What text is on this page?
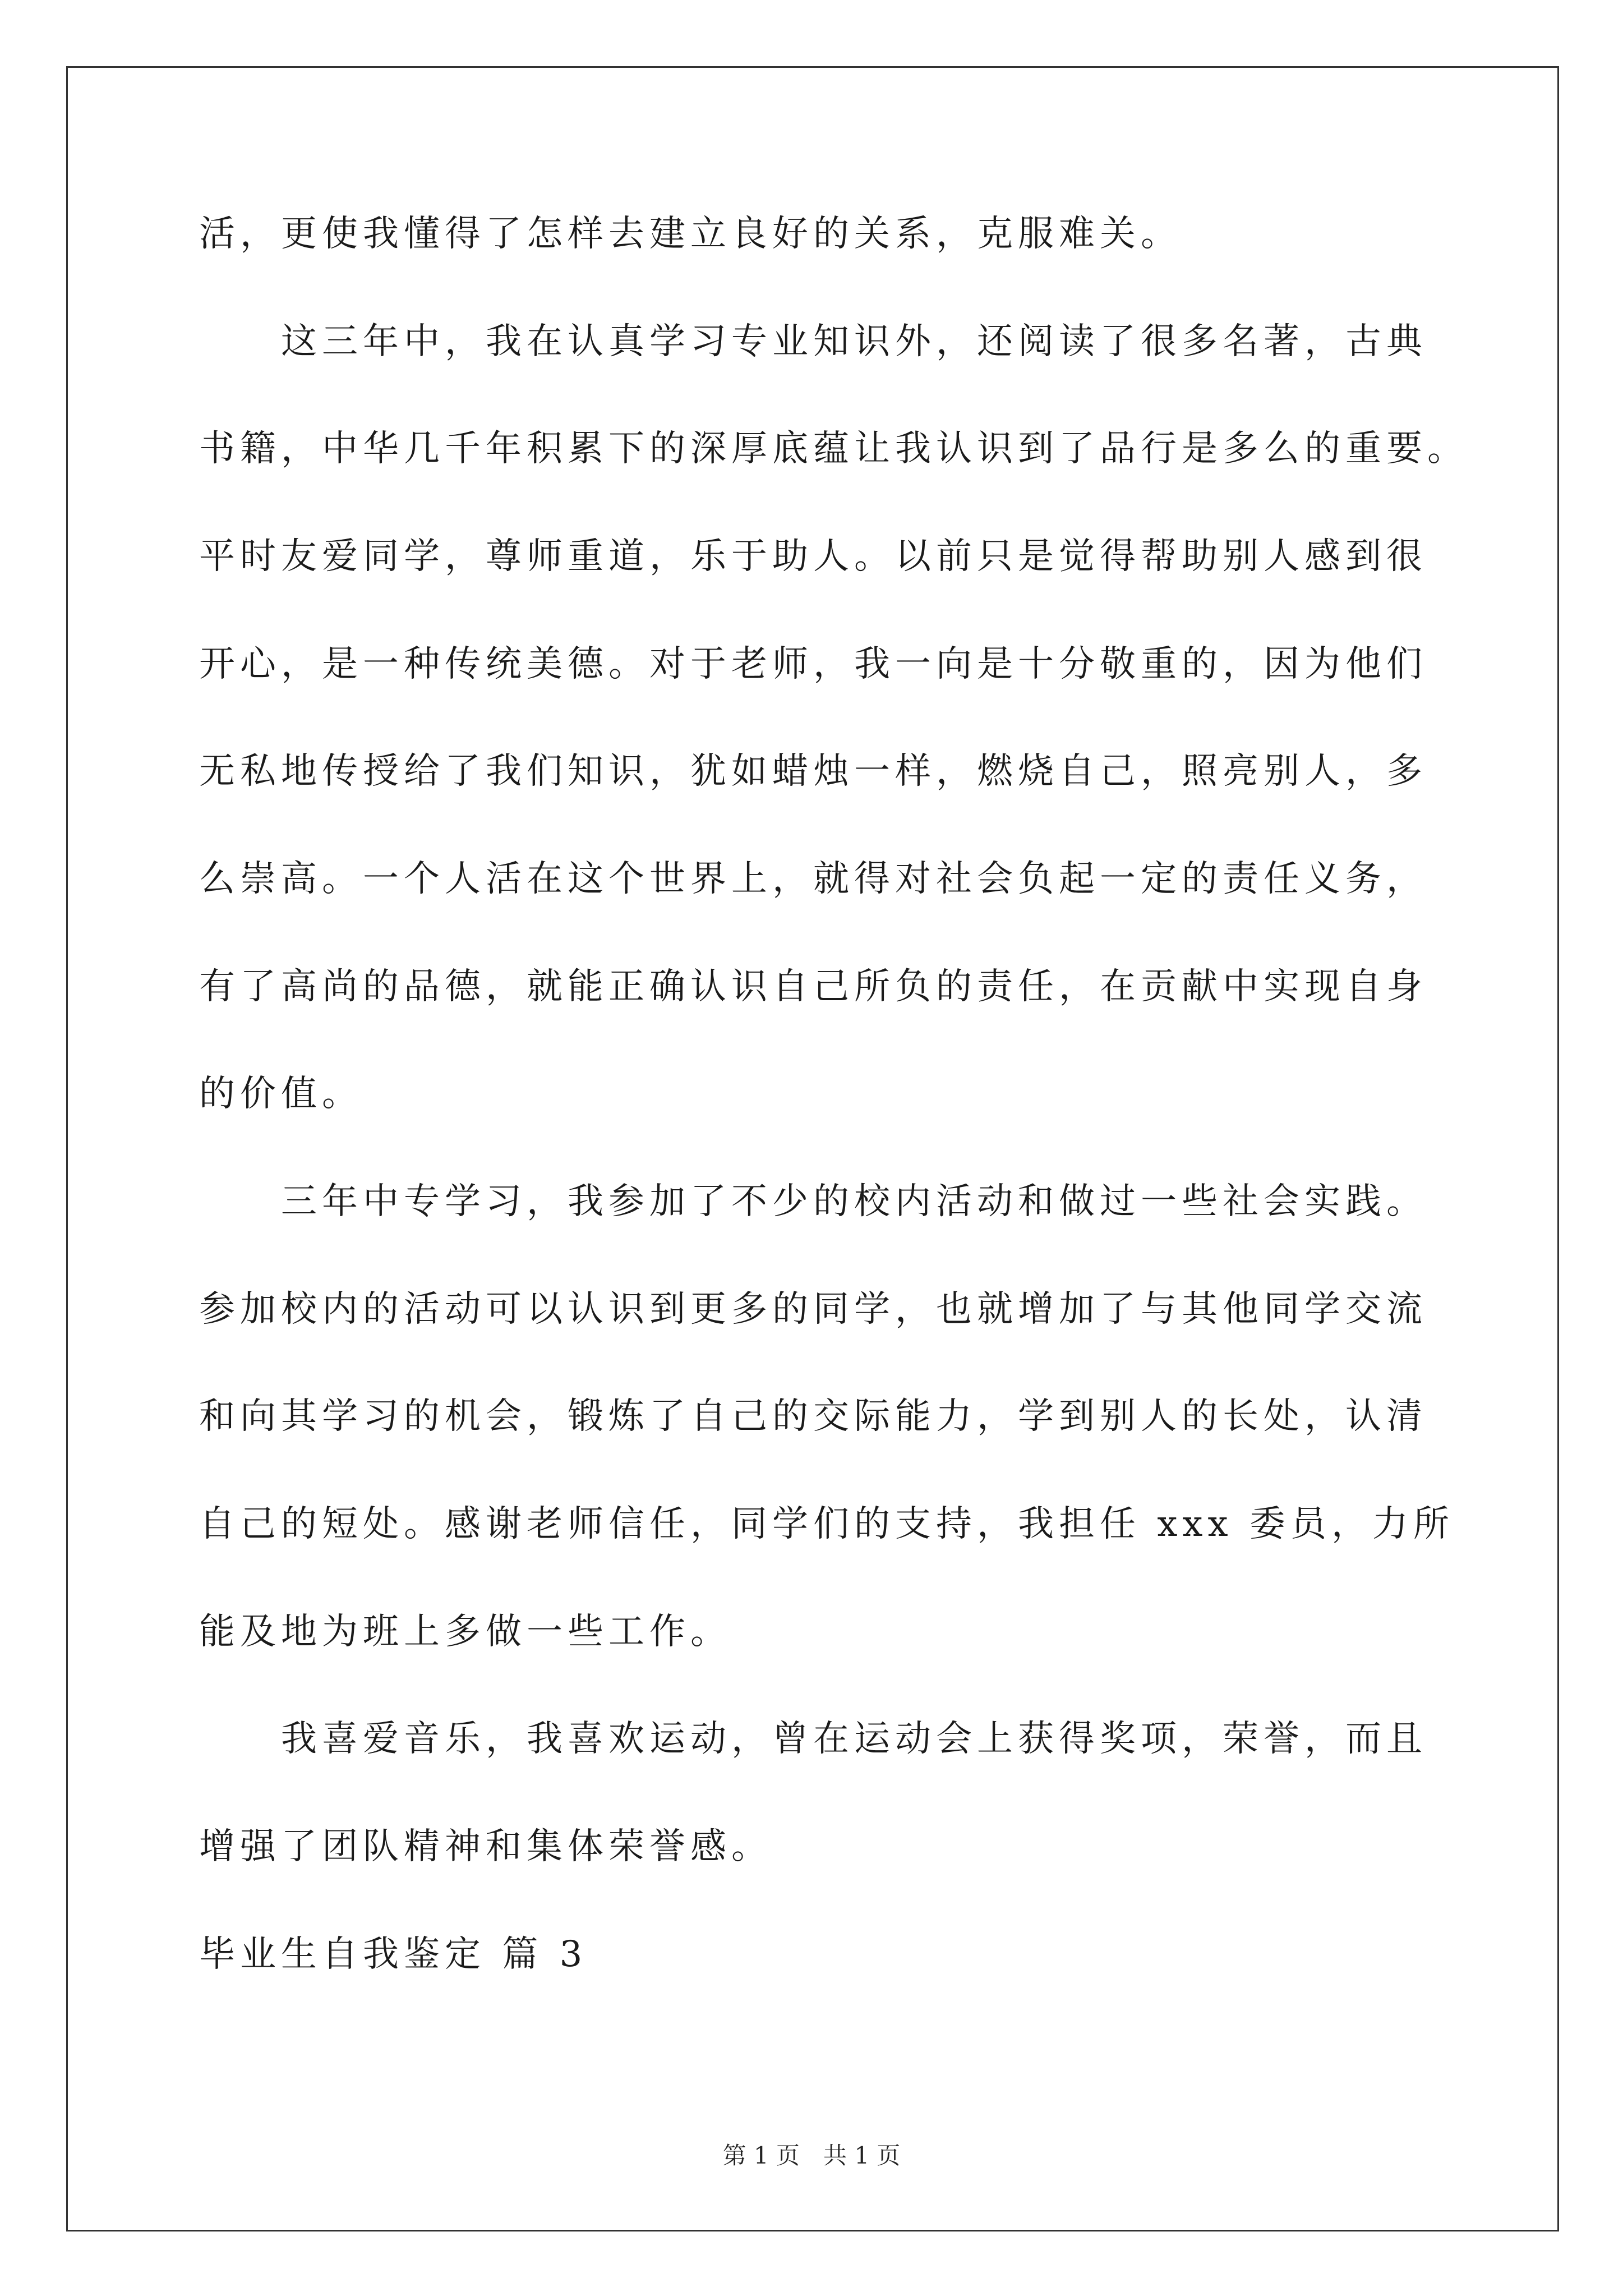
活，更使我懂得了怎样去建立良好的关系，克服难关。
　　这三年中，我在认真学习专业知识外，还阅读了很多名著，古典
书籍，中华几千年积累下的深厚底蕴让我认识到了品行是多么的重要。
平时友爱同学，尊师重道，乐于助人。以前只是觉得帮助别人感到很
开心，是一种传统美德。对于老师，我一向是十分敬重的，因为他们
无私地传授给了我们知识，犹如蜡烛一样，燃烧自己，照亮别人，多
么崇高。一个人活在这个世界上，就得对社会负起一定的责任义务，
有了高尚的品德，就能正确认识自己所负的责任，在贡献中实现自身
的价值。
　　三年中专学习，我参加了不少的校内活动和做过一些社会实践。
参加校内的活动可以认识到更多的同学，也就增加了与其他同学交流
和向其学习的机会，锻炼了自己的交际能力，学到别人的长处，认清
自己的短处。感谢老师信任，同学们的支持，我担任 xxx 委员，力所
能及地为班上多做一些工作。
　　我喜爱音乐，我喜欢运动，曾在运动会上获得奖项，荣誉，而且
增强了团队精神和集体荣誉感。
毕业生自我鉴定 篇 3
第 1 页　共 1 页
